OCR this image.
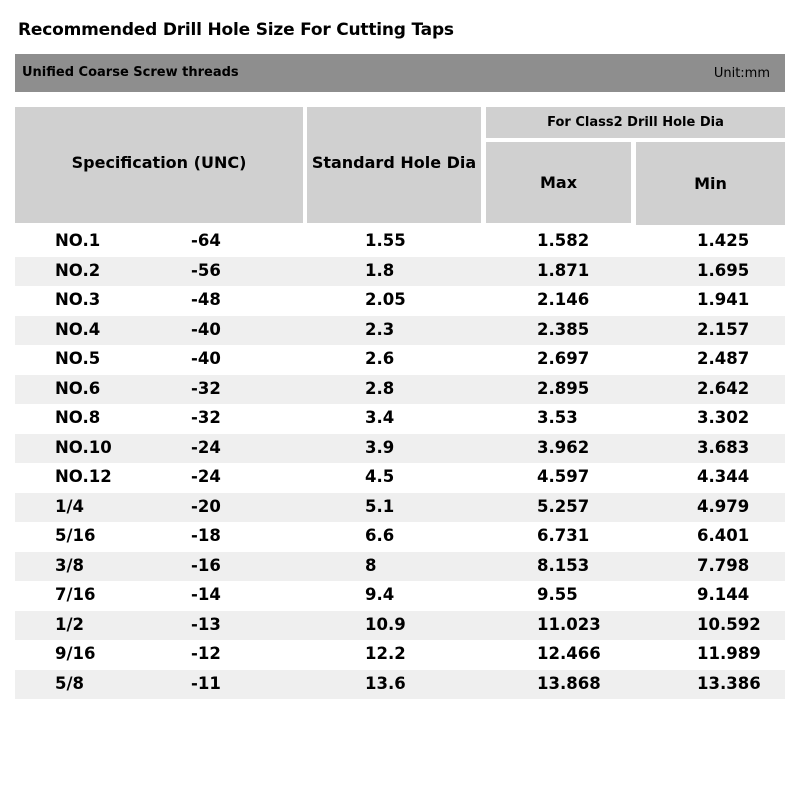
Recommended Drill Hole Size For Cutting Taps
Unified Coarse Screw threads	Unit:mm
Specification (UNC)	Standard Hole Dia
For Class2 Drill Hole Dia
Max	Min
NO.1	-64	1.55	1.582	1.425
NO.2	-56	1.8	1.871	1.695
NO.3	-48	2.05	2.146	1.941
NO.4	-40	2.3	2.385	2.157
NO.5	-40	2.6	2.697	2.487
NO.6	-32	2.8	2.895	2.642
NO.8	-32	3.4	3.53	3.302
NO.10	-24	3.9	3.962	3.683
NO.12	-24	4.5	4.597	4.344
1/4	-20	5.1	5.257	4.979
5/16	-18	6.6	6.731	6.401
3/8	-16	8	8.153	7.798
7/16	-14	9.4	9.55	9.144
1/2	-13	10.9	11.023	10.592
9/16	-12	12.2	12.466	11.989
5/8	-11	13.6	13.868	13.386
